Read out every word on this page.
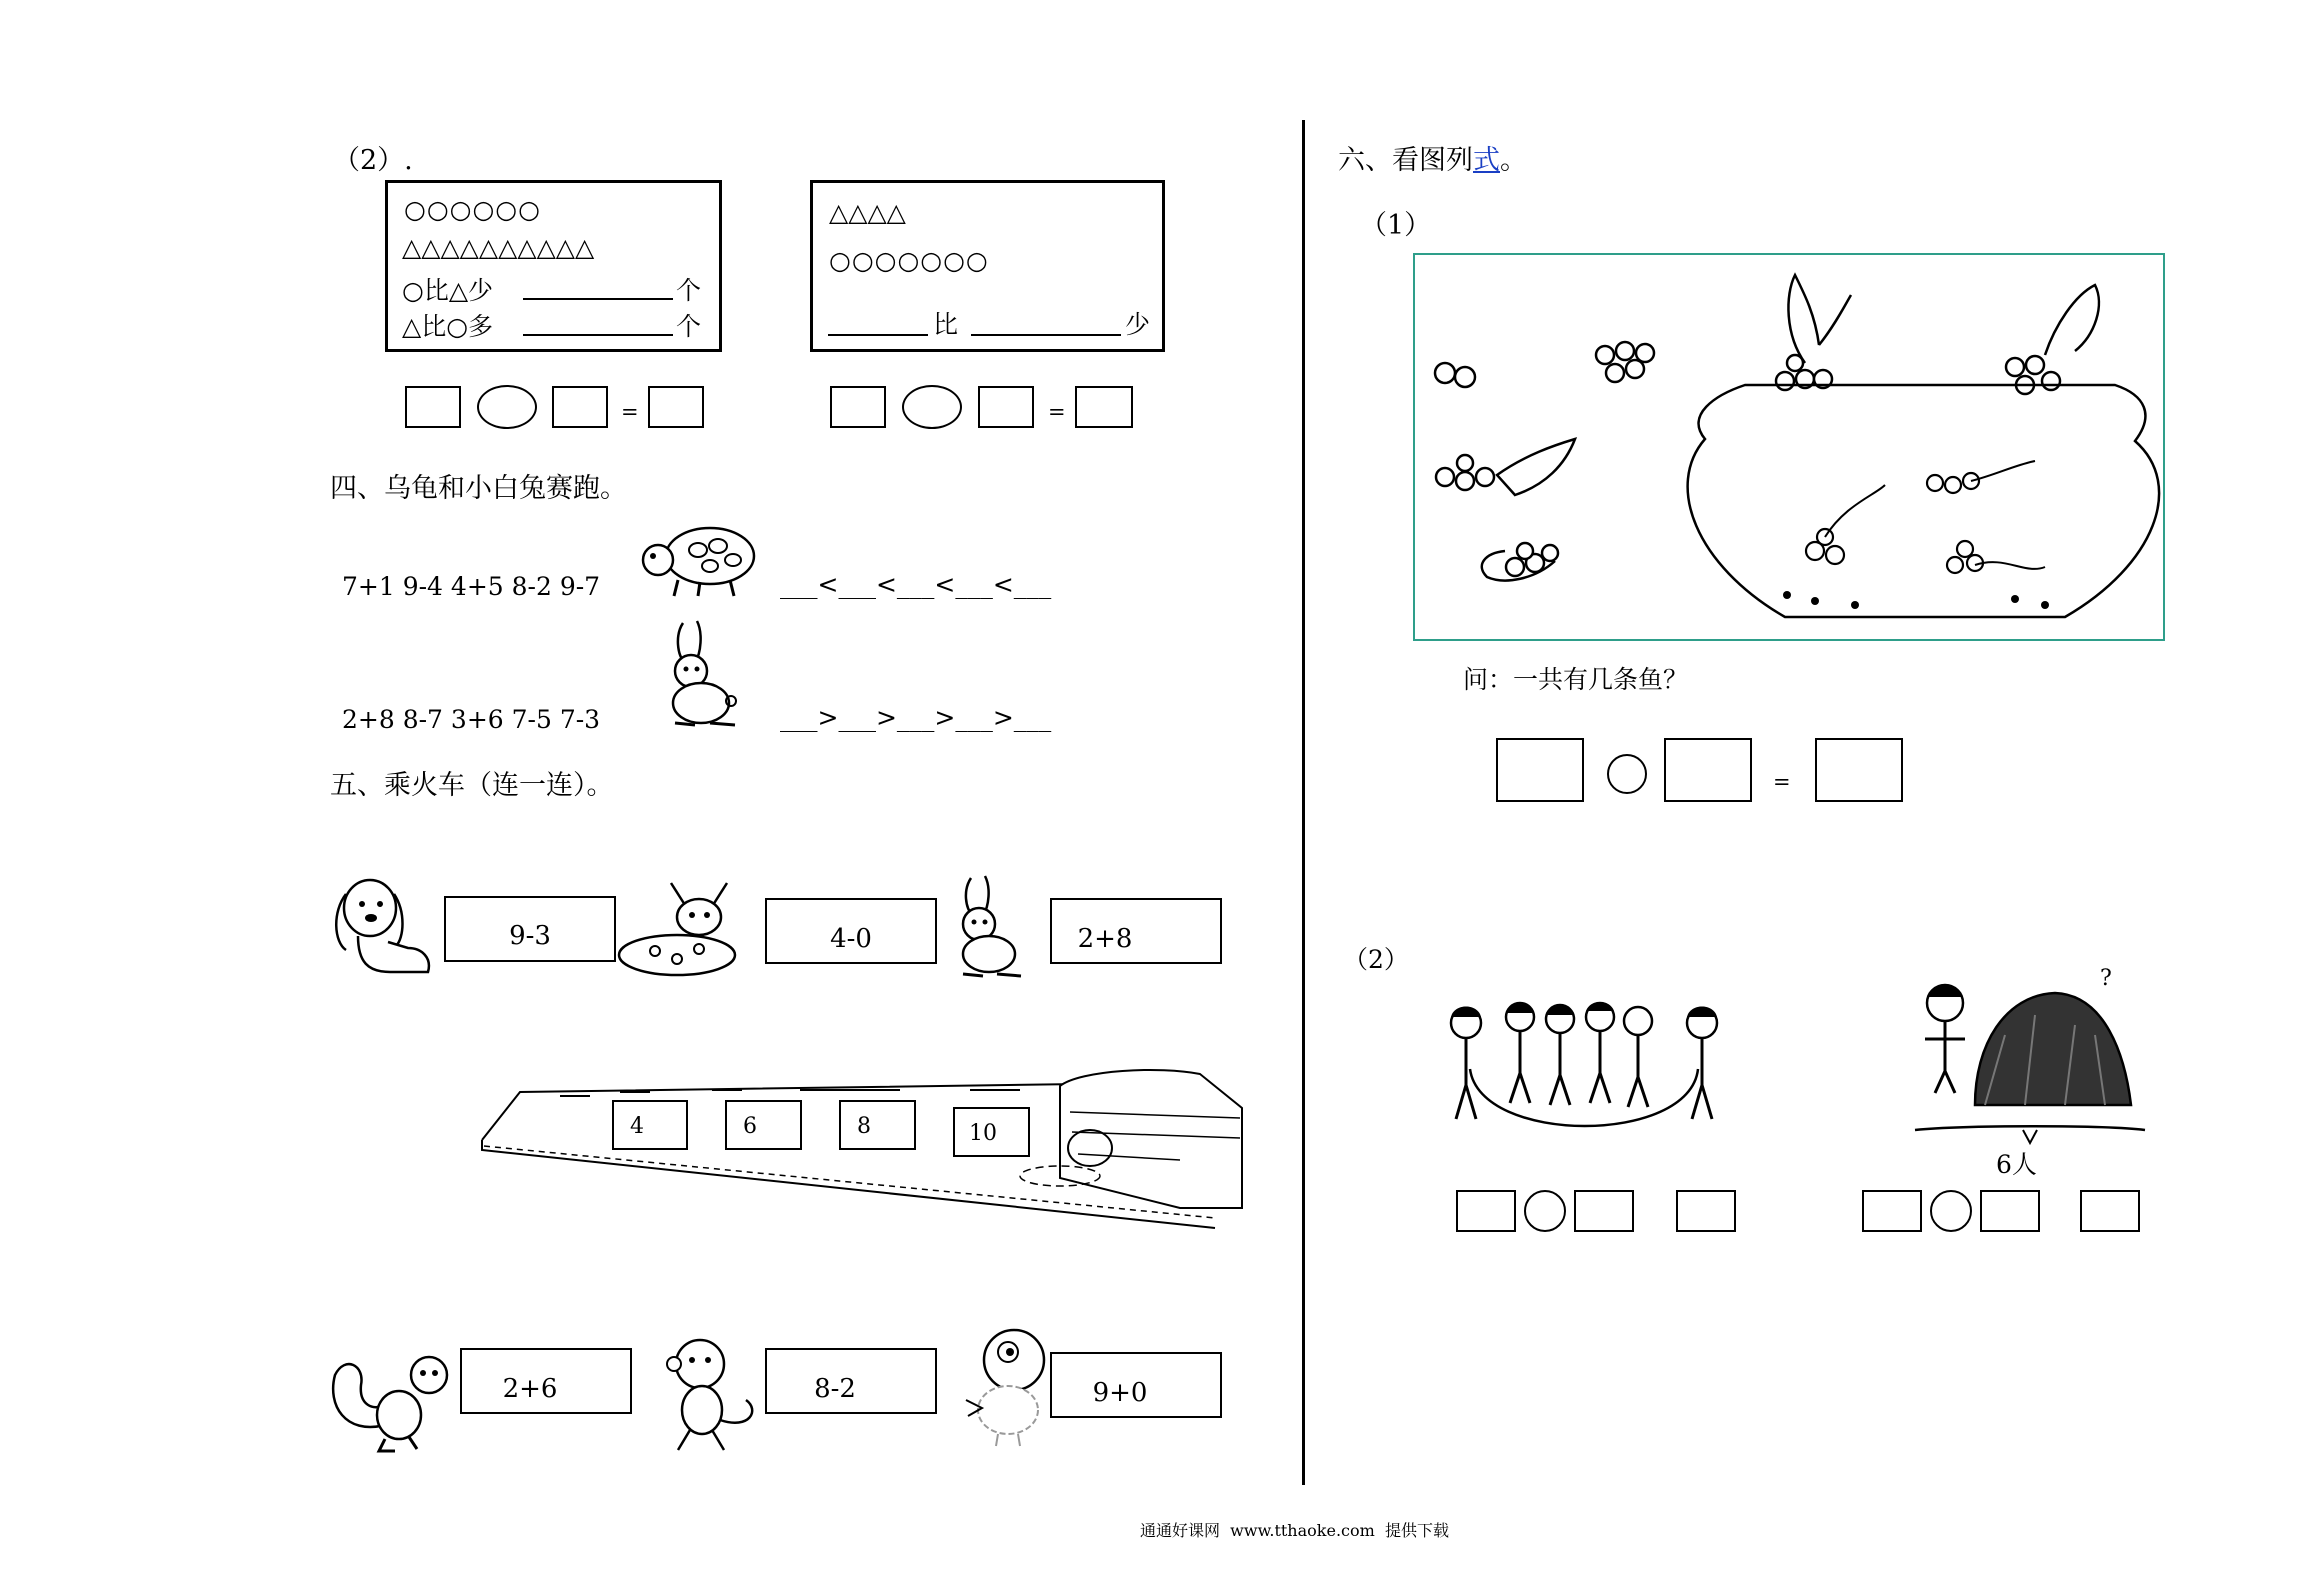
（2）.
○○○○○○
△△△△△△△△△△
○比△少	个
△比○多	个
△△△△
○○○○○○○
比	少
=	=
四、乌龟和小白兔赛跑。
7+1 9-4 4+5 8-2 9-7	___<___<___<___<___
2+8 8-7 3+6 7-5 7-3	___>___>___>___>___
五、乘火车（连一连）。
9-3	4-0	2+8
4	6	8	10
2+6	8-2	9+0
六、看图列式。
（1）
问：一共有几条鱼？
=
（2）
?
6人
通通好课网  www.tthaoke.com  提供下载
